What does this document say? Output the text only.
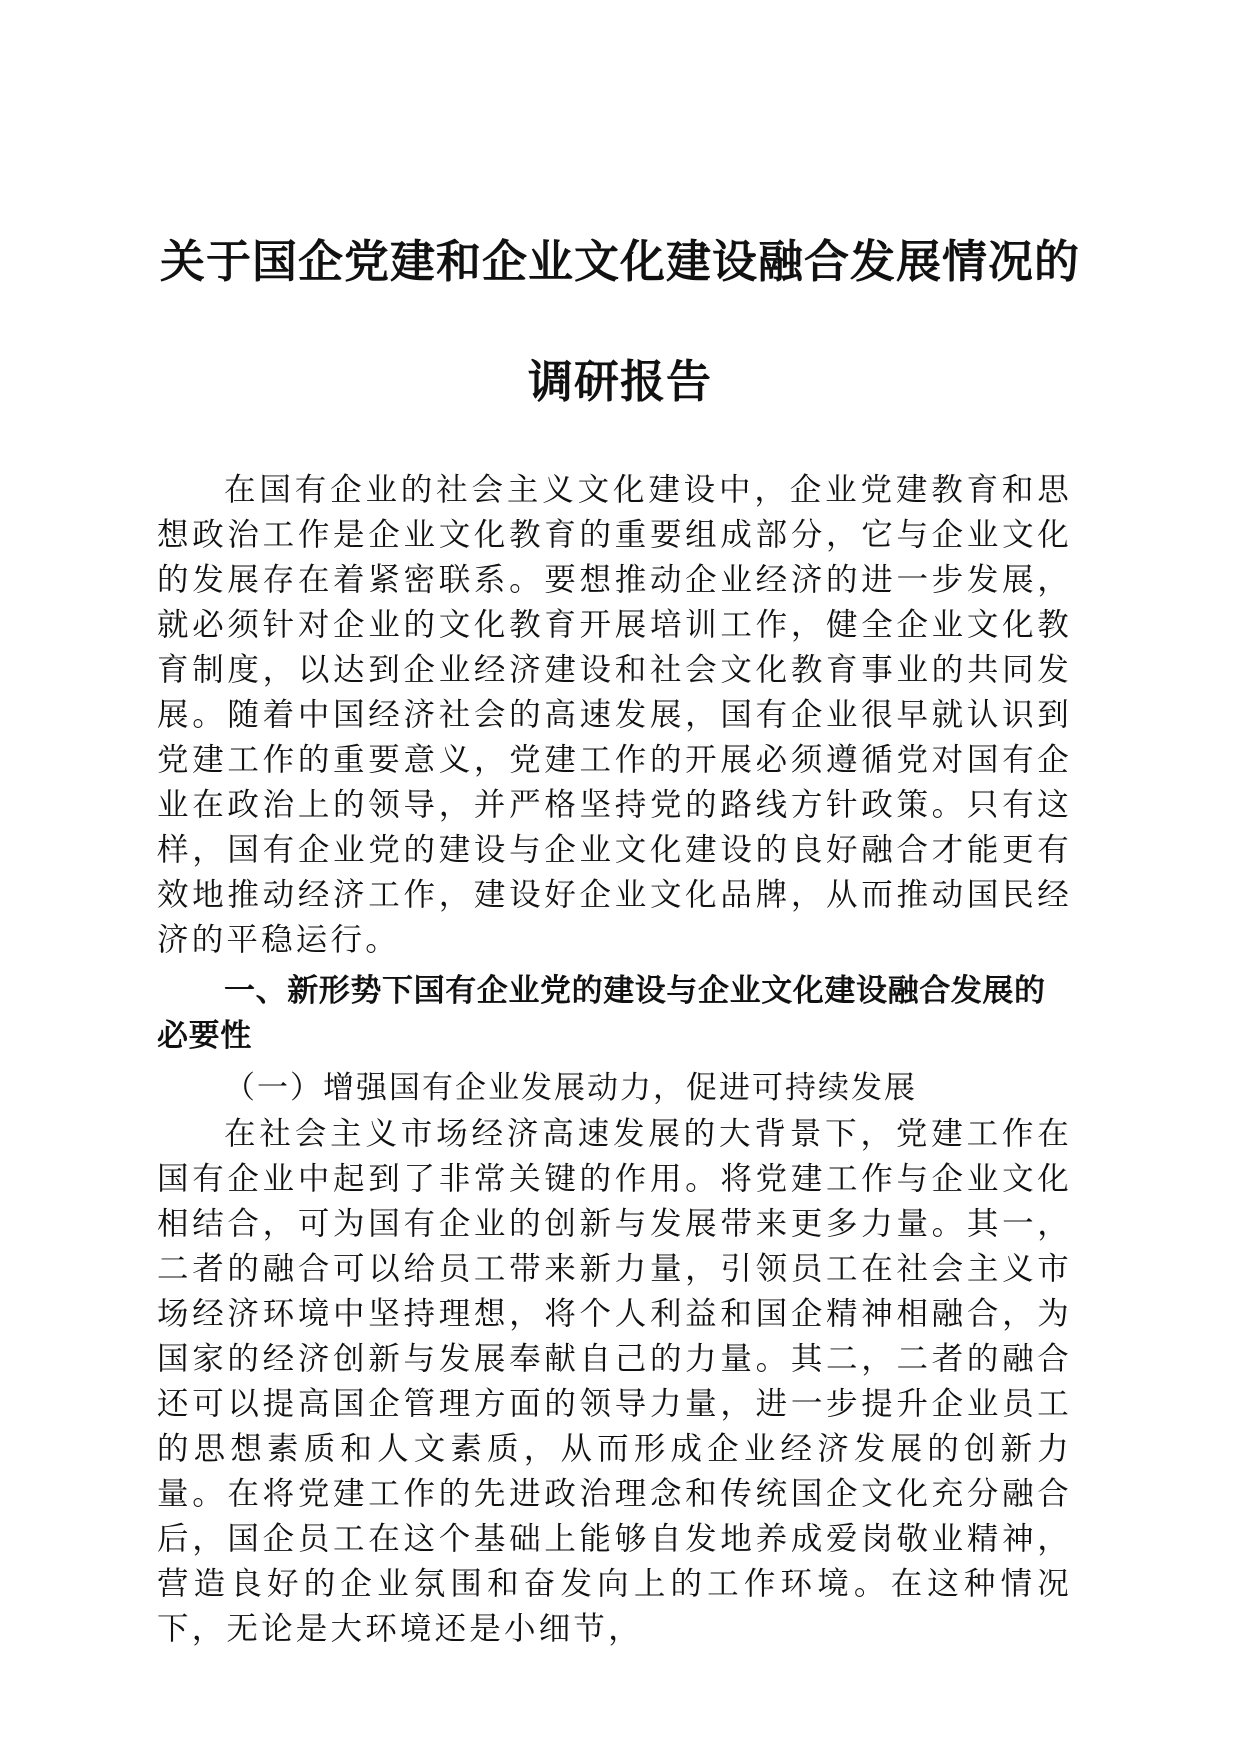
关于国企党建和企业文化建设融合发展情况的
调研报告

在国有企业的社会主义文化建设中，企业党建教育和思想政治工作是企业文化教育的重要组成部分，它与企业文化的发展存在着紧密联系。要想推动企业经济的进一步发展，就必须针对企业的文化教育开展培训工作，健全企业文化教育制度，以达到企业经济建设和社会文化教育事业的共同发展。随着中国经济社会的高速发展，国有企业很早就认识到党建工作的重要意义，党建工作的开展必须遵循党对国有企业在政治上的领导，并严格坚持党的路线方针政策。只有这样，国有企业党的建设与企业文化建设的良好融合才能更有效地推动经济工作，建设好企业文化品牌，从而推动国民经济的平稳运行。

一、新形势下国有企业党的建设与企业文化建设融合发展的必要性

（一）增强国有企业发展动力，促进可持续发展

在社会主义市场经济高速发展的大背景下，党建工作在国有企业中起到了非常关键的作用。将党建工作与企业文化相结合，可为国有企业的创新与发展带来更多力量。其一，二者的融合可以给员工带来新力量，引领员工在社会主义市场经济环境中坚持理想，将个人利益和国企精神相融合，为国家的经济创新与发展奉献自己的力量。其二，二者的融合还可以提高国企管理方面的领导力量，进一步提升企业员工的思想素质和人文素质，从而形成企业经济发展的创新力量。在将党建工作的先进政治理念和传统国企文化充分融合后，国企员工在这个基础上能够自发地养成爱岗敬业精神，营造良好的企业氛围和奋发向上的工作环境。在这种情况下，无论是大环境还是小细节，
